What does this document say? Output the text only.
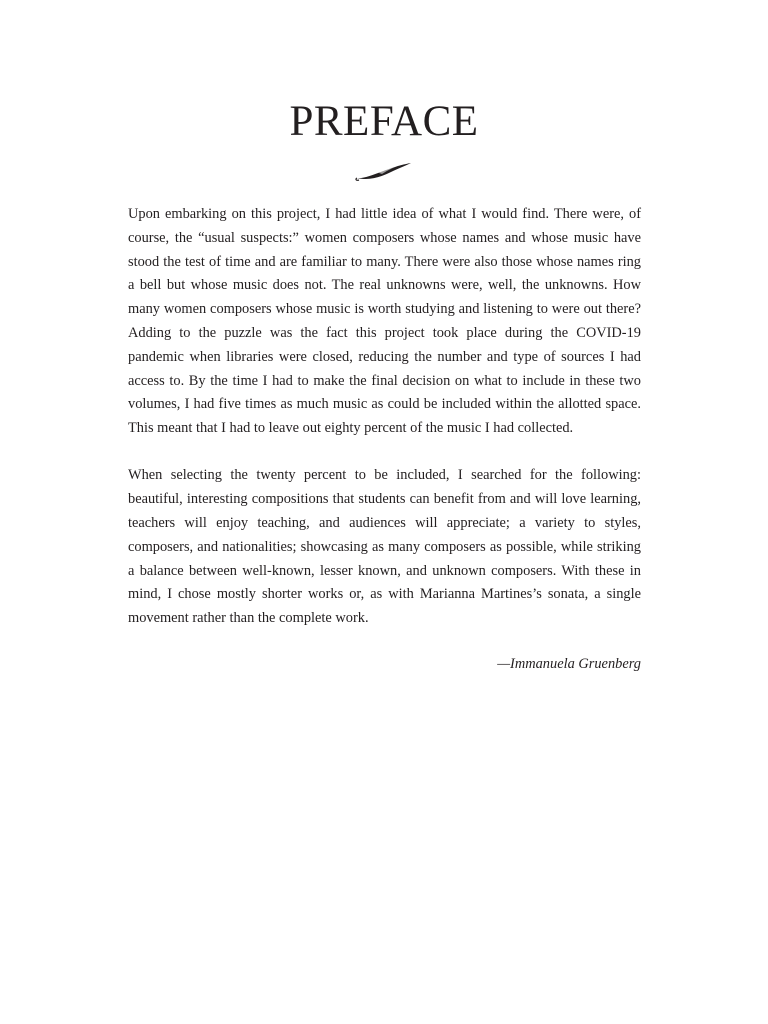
PREFACE

Upon embarking on this project, I had little idea of what I would find. There were, of course, the “usual suspects:” women composers whose names and whose music have stood the test of time and are familiar to many. There were also those whose names ring a bell but whose music does not. The real unknowns were, well, the unknowns. How many women composers whose music is worth studying and listening to were out there? Adding to the puzzle was the fact this project took place during the COVID-19 pandemic when libraries were closed, reducing the number and type of sources I had access to. By the time I had to make the final decision on what to include in these two volumes, I had five times as much music as could be included within the allotted space. This meant that I had to leave out eighty percent of the music I had collected.

When selecting the twenty percent to be included, I searched for the following: beautiful, interesting compositions that students can benefit from and will love learning, teachers will enjoy teaching, and audiences will appreciate; a variety to styles, composers, and nationalities; showcasing as many composers as possible, while striking a balance between well-known, lesser known, and unknown composers. With these in mind, I chose mostly shorter works or, as with Marianna Martines’s sonata, a single movement rather than the complete work.

—Immanuela Gruenberg
